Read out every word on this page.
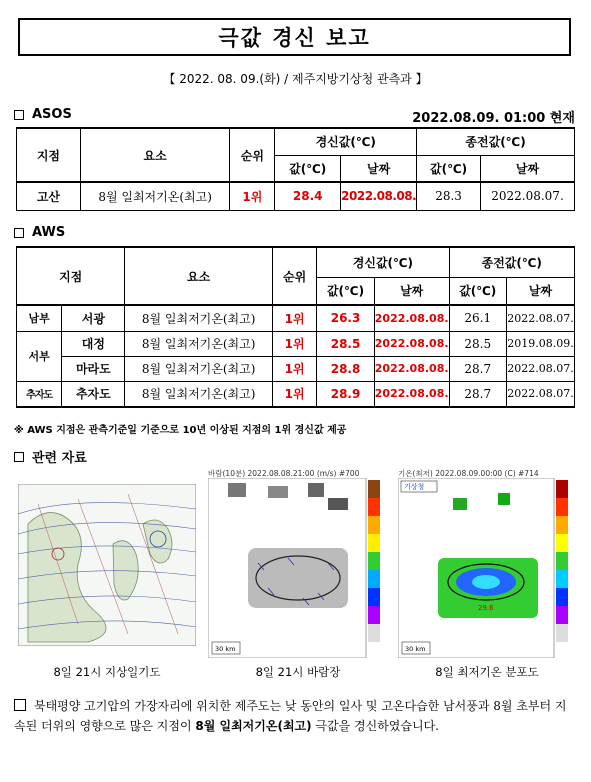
극값 경신 보고
【 2022. 08. 09.(화) / 제주지방기상청 관측과 】
ASOS	2022.08.09. 01:00 현재
지점	요소	순위	경신값(℃)		종전값(℃)	
			값(℃)	날짜	값(℃)	날짜
고산	8월 일최저기온(최고)	1위	28.4	2022.08.08.	28.3	2022.08.07.
AWS
지점		요소	순위	경신값(℃)		종전값(℃)	
				값(℃)	날짜	값(℃)	날짜
남부	서광	8월 일최저기온(최고)	1위	26.3	2022.08.08.	26.1	2022.08.07.
서부	대정	8월 일최저기온(최고)	1위	28.5	2022.08.08.	28.5	2019.08.09.
	마라도	8월 일최저기온(최고)	1위	28.8	2022.08.08.	28.7	2022.08.07.
추자도	추자도	8월 일최저기온(최고)	1위	28.9	2022.08.08.	28.7	2022.08.07.
※ AWS 지점은 관측기준일 기준으로 10년 이상된 지점의 1위 경신값 제공
관련 자료
바람(10분) 2022.08.08.21:00 (m/s) #700
30 km
기온(최저) 2022.08.09.00:00 (C) #714
기상청
29.6
30 km
8일 21시 지상일기도	8일 21시 바람장	8일 최저기온 분포도
북태평양 고기압의 가장자리에 위치한 제주도는 낮 동안의 일사 및 고온다습한 남서풍과 8월 초부터 지속된 더위의 영향으로 많은 지점이 8월 일최저기온(최고) 극값을 경신하였습니다.
